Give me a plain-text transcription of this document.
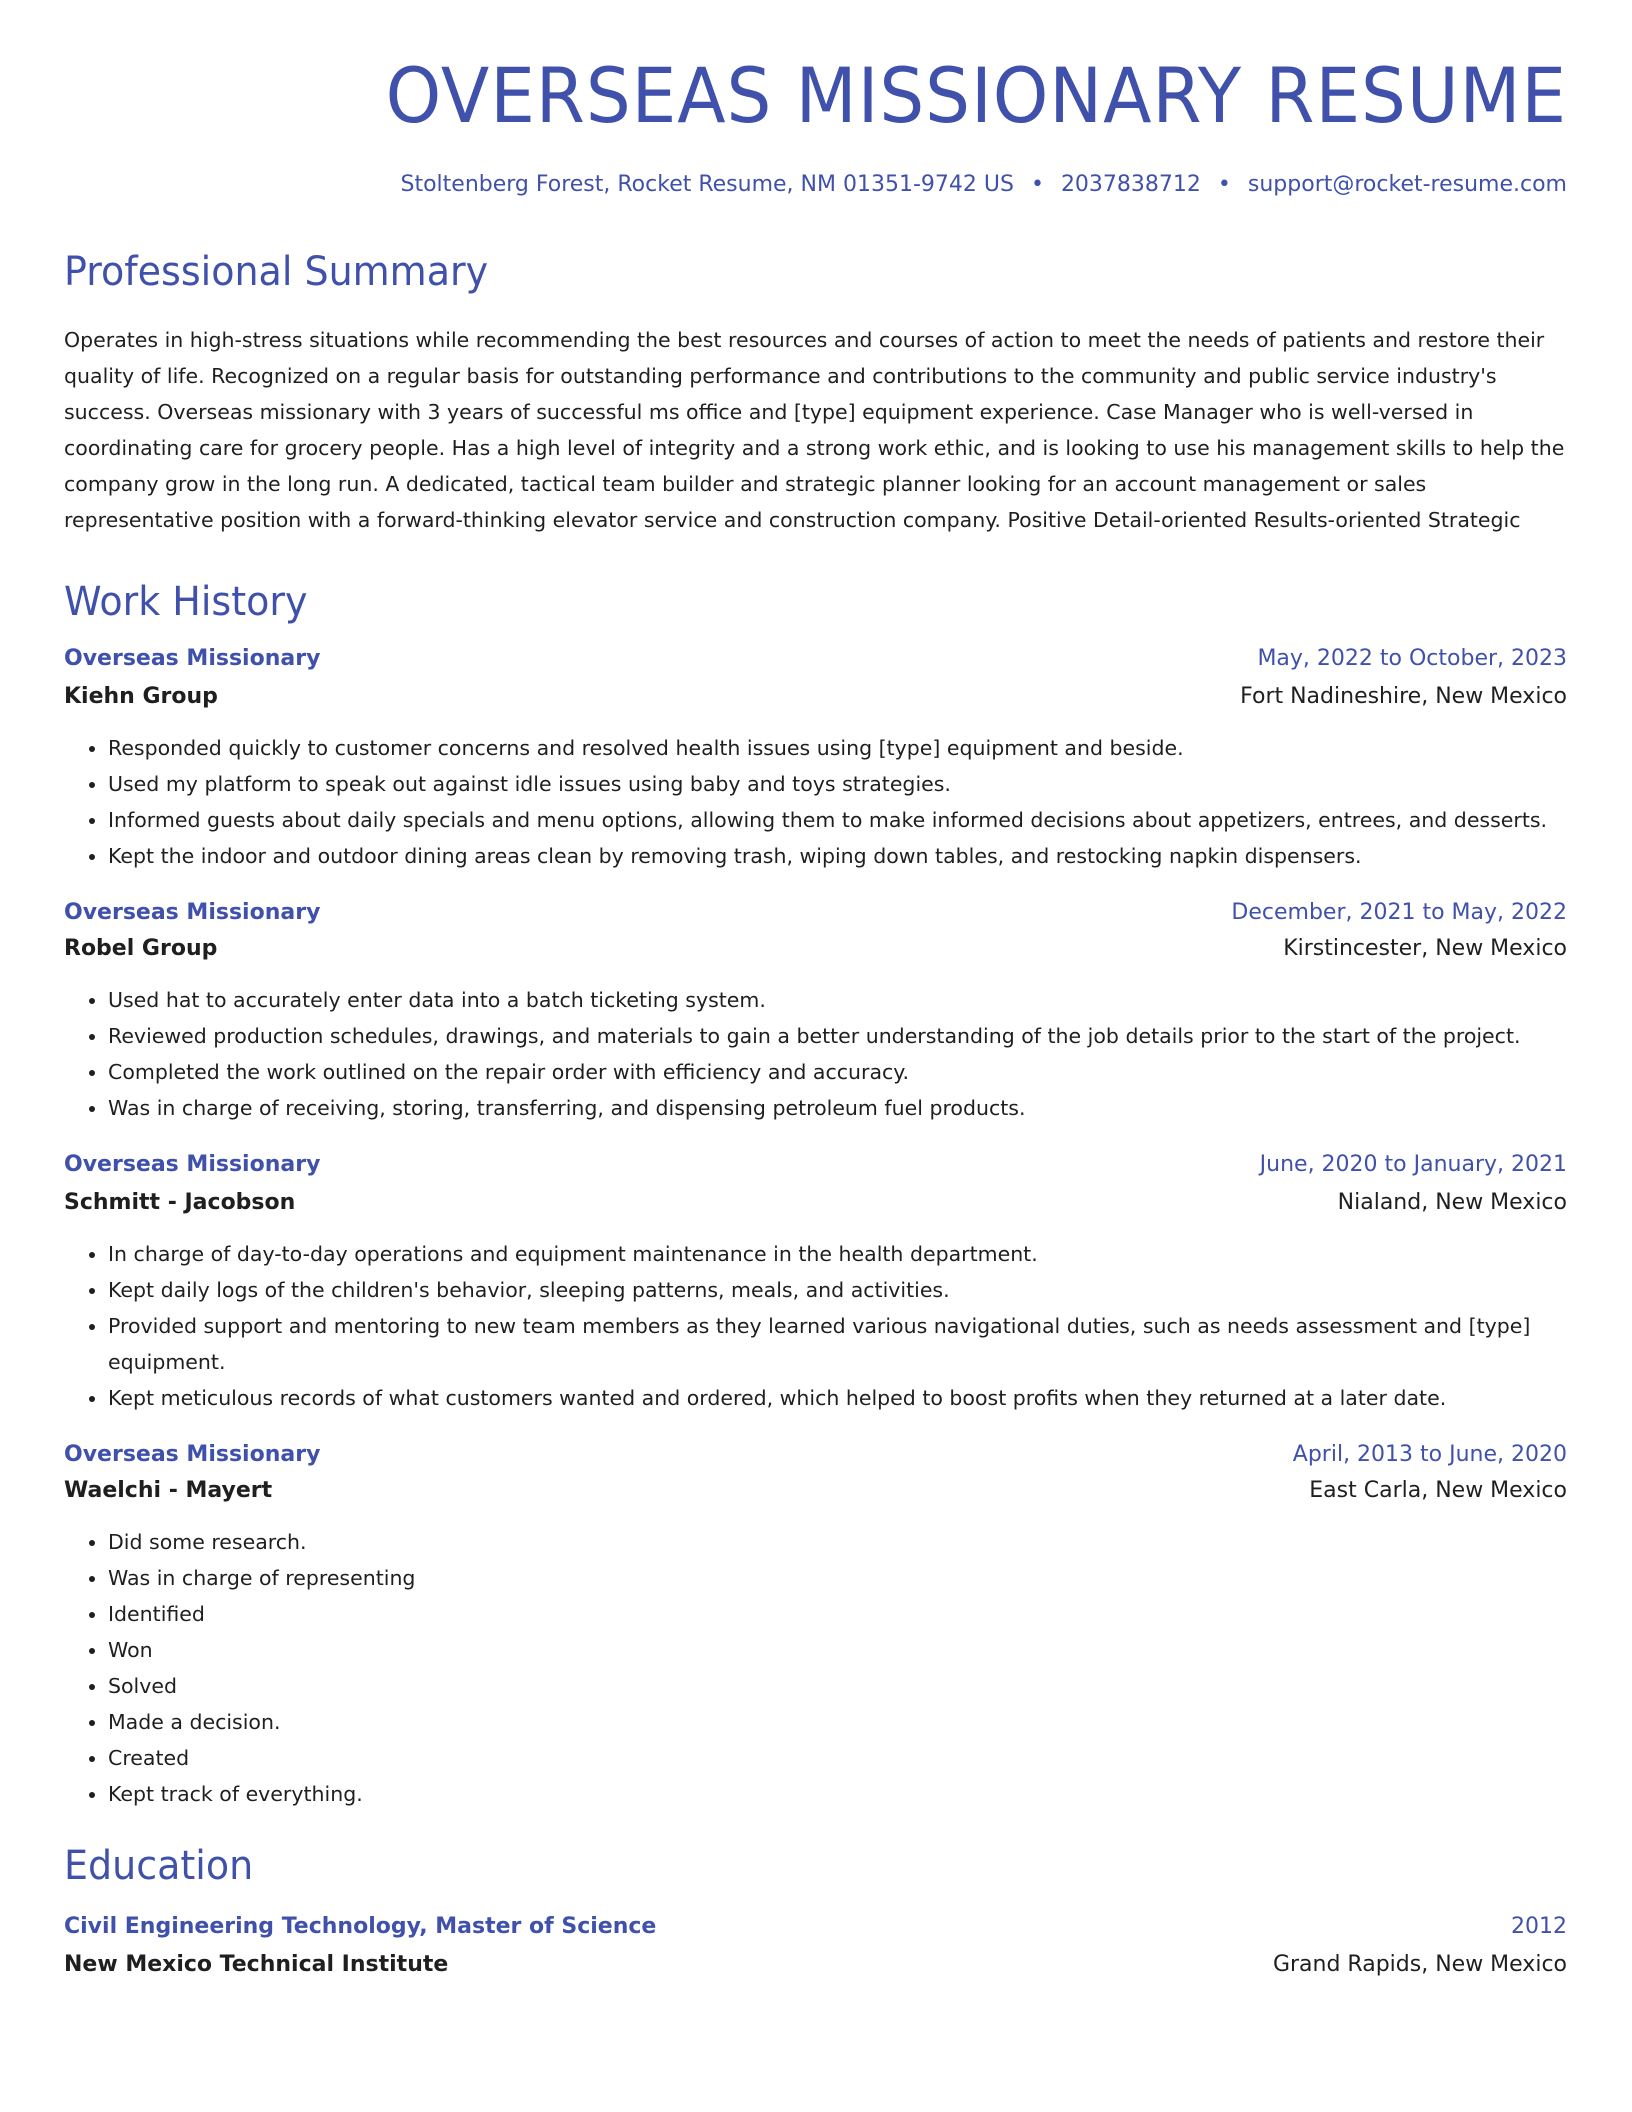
OVERSEAS MISSIONARY RESUME
Stoltenberg Forest, Rocket Resume, NM 01351-9742 US • 2037838712 • support@rocket-resume.com
Professional Summary
Operates in high-stress situations while recommending the best resources and courses of action to meet the needs of patients and restore their quality of life. Recognized on a regular basis for outstanding performance and contributions to the community and public service industry's success. Overseas missionary with 3 years of successful ms office and [type] equipment experience. Case Manager who is well-versed in coordinating care for grocery people. Has a high level of integrity and a strong work ethic, and is looking to use his management skills to help the company grow in the long run. A dedicated, tactical team builder and strategic planner looking for an account management or sales representative position with a forward-thinking elevator service and construction company. Positive Detail-oriented Results-oriented Strategic
Work History
Overseas Missionary	May, 2022 to October, 2023
Kiehn Group	Fort Nadineshire, New Mexico
• Responded quickly to customer concerns and resolved health issues using [type] equipment and beside.
• Used my platform to speak out against idle issues using baby and toys strategies.
• Informed guests about daily specials and menu options, allowing them to make informed decisions about appetizers, entrees, and desserts.
• Kept the indoor and outdoor dining areas clean by removing trash, wiping down tables, and restocking napkin dispensers.
Overseas Missionary	December, 2021 to May, 2022
Robel Group	Kirstincester, New Mexico
• Used hat to accurately enter data into a batch ticketing system.
• Reviewed production schedules, drawings, and materials to gain a better understanding of the job details prior to the start of the project.
• Completed the work outlined on the repair order with efficiency and accuracy.
• Was in charge of receiving, storing, transferring, and dispensing petroleum fuel products.
Overseas Missionary	June, 2020 to January, 2021
Schmitt - Jacobson	Nialand, New Mexico
• In charge of day-to-day operations and equipment maintenance in the health department.
• Kept daily logs of the children's behavior, sleeping patterns, meals, and activities.
• Provided support and mentoring to new team members as they learned various navigational duties, such as needs assessment and [type] equipment.
• Kept meticulous records of what customers wanted and ordered, which helped to boost profits when they returned at a later date.
Overseas Missionary	April, 2013 to June, 2020
Waelchi - Mayert	East Carla, New Mexico
• Did some research.
• Was in charge of representing
• Identified
• Won
• Solved
• Made a decision.
• Created
• Kept track of everything.
Education
Civil Engineering Technology, Master of Science	2012
New Mexico Technical Institute	Grand Rapids, New Mexico
